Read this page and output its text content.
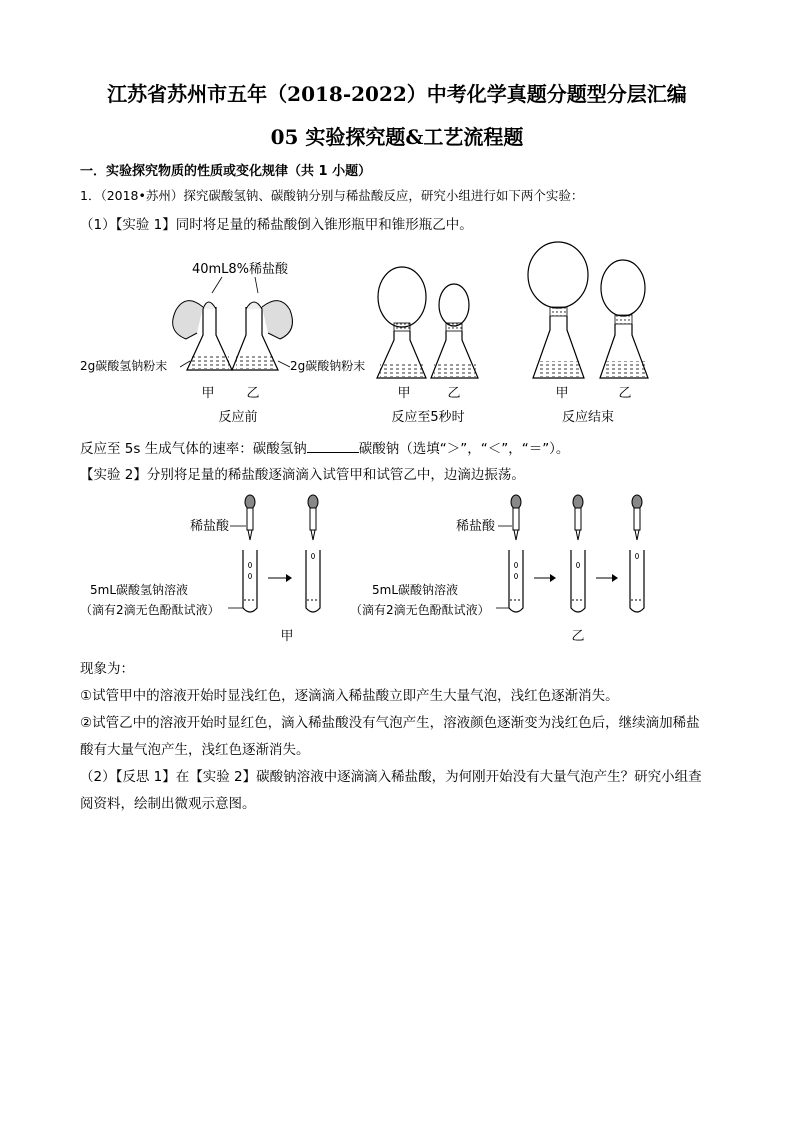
江苏省苏州市五年（2018-2022）中考化学真题分题型分层汇编
05 实验探究题&工艺流程题
一．实验探究物质的性质或变化规律（共 1 小题）
1．（2018•苏州）探究碳酸氢钠、碳酸钠分别与稀盐酸反应，研究小组进行如下两个实验：
（1）【实验 1】同时将足量的稀盐酸倒入锥形瓶甲和锥形瓶乙中。
40mL8%稀盐酸
2g碳酸氢钠粉末	2g碳酸钠粉末
甲 乙
反应前
甲	乙
反应至5秒时
甲	乙
反应结束
反应至 5s 生成气体的速率：碳酸氢钠	碳酸钠（选填“＞”，“＜”，“＝”）。
【实验 2】分别将足量的稀盐酸逐滴滴入试管甲和试管乙中，边滴边振荡。
稀盐酸
5mL碳酸氢钠溶液
（滴有2滴无色酚酞试液）
甲
稀盐酸
5mL碳酸钠溶液
（滴有2滴无色酚酞试液）
乙
现象为：
①试管甲中的溶液开始时显浅红色，逐滴滴入稀盐酸立即产生大量气泡，浅红色逐渐消失。
②试管乙中的溶液开始时显红色，滴入稀盐酸没有气泡产生，溶液颜色逐渐变为浅红色后，继续滴加稀盐
酸有大量气泡产生，浅红色逐渐消失。
（2）【反思 1】在【实验 2】碳酸钠溶液中逐滴滴入稀盐酸，为何刚开始没有大量气泡产生？研究小组查
阅资料，绘制出微观示意图。
